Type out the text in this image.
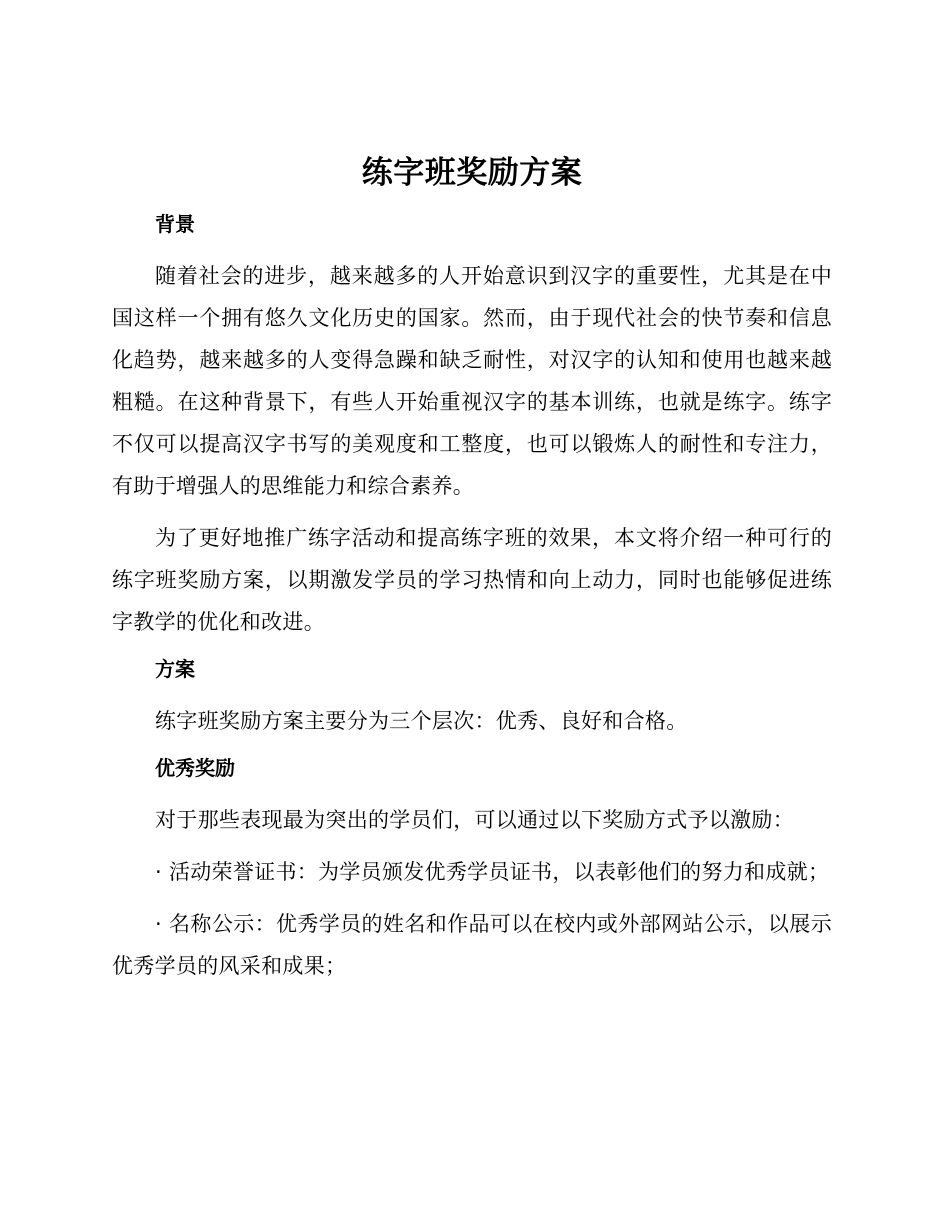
练字班奖励方案
背景

随着社会的进步，越来越多的人开始意识到汉字的重要性，尤其是在中国这样一个拥有悠久文化历史的国家。然而，由于现代社会的快节奏和信息化趋势，越来越多的人变得急躁和缺乏耐性，对汉字的认知和使用也越来越粗糙。在这种背景下，有些人开始重视汉字的基本训练，也就是练字。练字不仅可以提高汉字书写的美观度和工整度，也可以锻炼人的耐性和专注力，有助于增强人的思维能力和综合素养。

为了更好地推广练字活动和提高练字班的效果，本文将介绍一种可行的练字班奖励方案，以期激发学员的学习热情和向上动力，同时也能够促进练字教学的优化和改进。

方案

练字班奖励方案主要分为三个层次：优秀、良好和合格。

优秀奖励

对于那些表现最为突出的学员们，可以通过以下奖励方式予以激励：

· 活动荣誉证书：为学员颁发优秀学员证书，以表彰他们的努力和成就；

· 名称公示：优秀学员的姓名和作品可以在校内或外部网站公示，以展示优秀学员的风采和成果；
